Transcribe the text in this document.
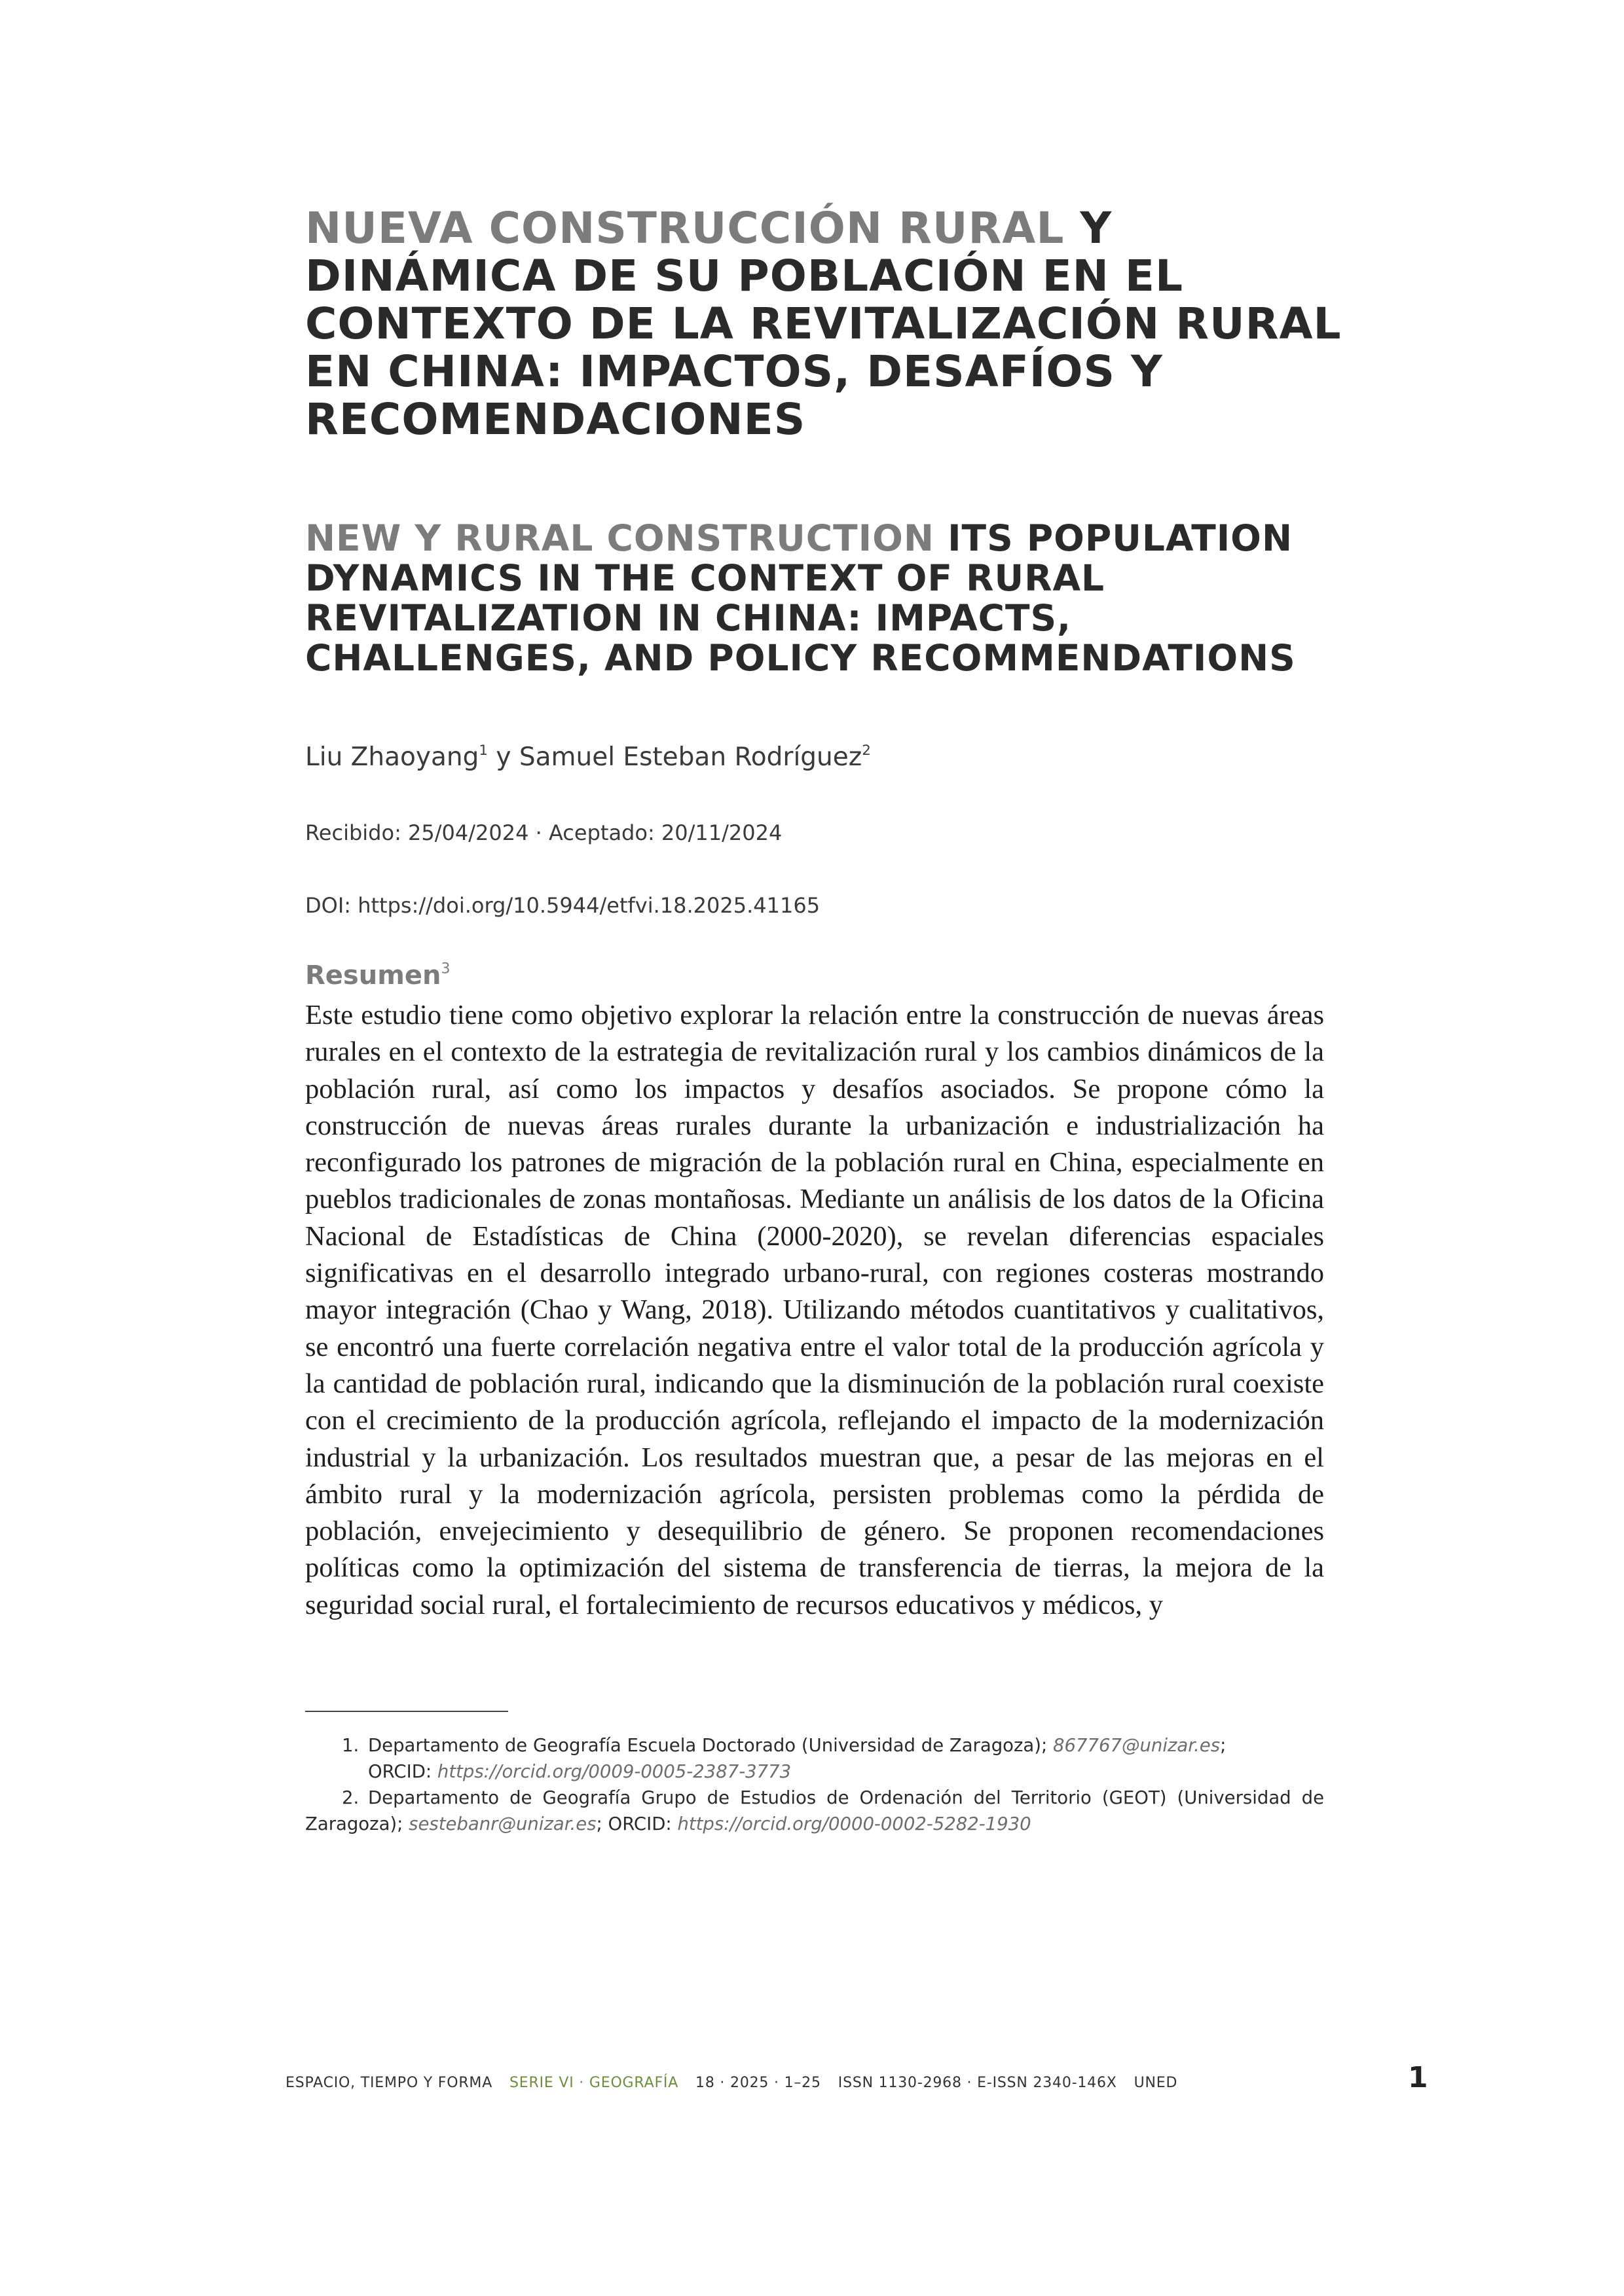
NUEVA CONSTRUCCIÓN RURAL Y DINÁMICA DE SU POBLACIÓN EN EL CONTEXTO DE LA REVITALIZACIÓN RURAL EN CHINA: IMPACTOS, DESAFÍOS Y RECOMENDACIONES
NEW Y RURAL CONSTRUCTION ITS POPULATION DYNAMICS IN THE CONTEXT OF RURAL REVITALIZATION IN CHINA: IMPACTS, CHALLENGES, AND POLICY RECOMMENDATIONS
Liu Zhaoyang$^1$ y Samuel Esteban Rodríguez$^2$
Recibido: 25/04/2024 · Aceptado: 20/11/2024
DOI: https://doi.org/10.5944/etfvi.18.2025.41165
Resumen$^3$
Este estudio tiene como objetivo explorar la relación entre la construcción de nuevas áreas rurales en el contexto de la estrategia de revitalización rural y los cambios dinámicos de la población rural, así como los impactos y desafíos asociados. Se propone cómo la construcción de nuevas áreas rurales durante la urbanización e industrialización ha reconfigurado los patrones de migración de la población rural en China, especialmente en pueblos tradicionales de zonas montañosas. Mediante un análisis de los datos de la Oficina Nacional de Estadísticas de China (2000-2020), se revelan diferencias espaciales significativas en el desarrollo integrado urbano-rural, con regiones costeras mostrando mayor integración (Chao y Wang, 2018). Utilizando métodos cuantitativos y cualitativos, se encontró una fuerte correlación negativa entre el valor total de la producción agrícola y la cantidad de población rural, indicando que la disminución de la población rural coexiste con el crecimiento de la producción agrícola, reflejando el impacto de la modernización industrial y la urbanización. Los resultados muestran que, a pesar de las mejoras en el ámbito rural y la modernización agrícola, persisten problemas como la pérdida de población, envejecimiento y desequilibrio de género. Se proponen recomendaciones políticas como la optimización del sistema de transferencia de tierras, la mejora de la seguridad social rural, el fortalecimiento de recursos educativos y médicos, y
1. Departamento de Geografía Escuela Doctorado (Universidad de Zaragoza); 867767@unizar.es;
ORCID: https://orcid.org/0009-0005-2387-3773
2. Departamento de Geografía Grupo de Estudios de Ordenación del Territorio (GEOT) (Universidad de Zaragoza); sestebanr@unizar.es; ORCID: https://orcid.org/0000-0002-5282-1930
ESPACIO, TIEMPO Y FORMA SERIE VI · GEOGRAFÍA 18 · 2025 · 1–25 ISSN 1130-2968 · E-ISSN 2340-146X UNED	1
